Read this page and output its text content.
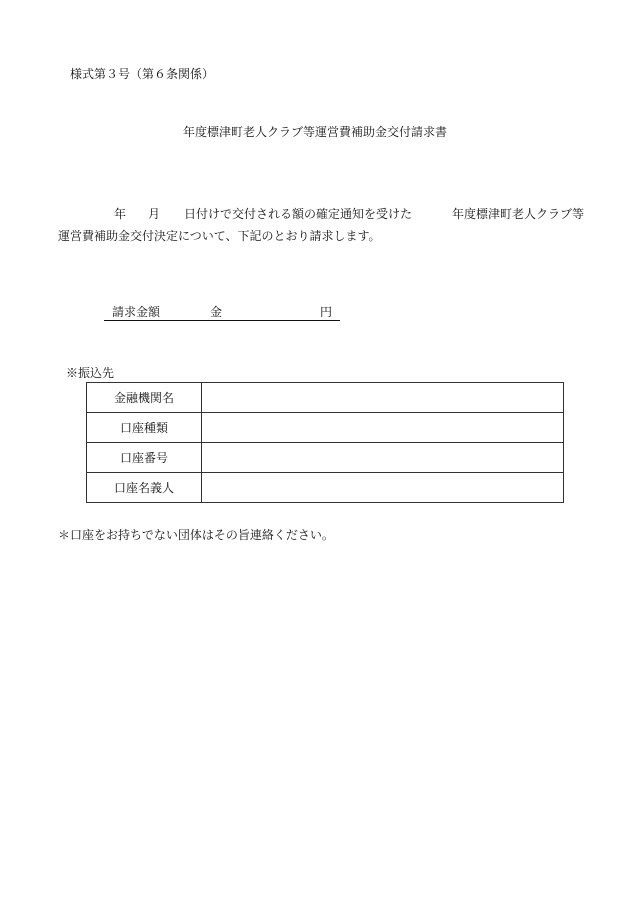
様式第３号（第６条関係）
年度標津町老人クラブ等運営費補助金交付請求書
年 月 日付けで交付される額の確定通知を受けた	年度標津町老人クラブ等
運営費補助金交付決定について、下記のとおり請求します。
請求金額	金	円
※振込先
金融機関名	
口座種類	
口座番号	
口座名義人	
＊口座をお持ちでない団体はその旨連絡ください。
